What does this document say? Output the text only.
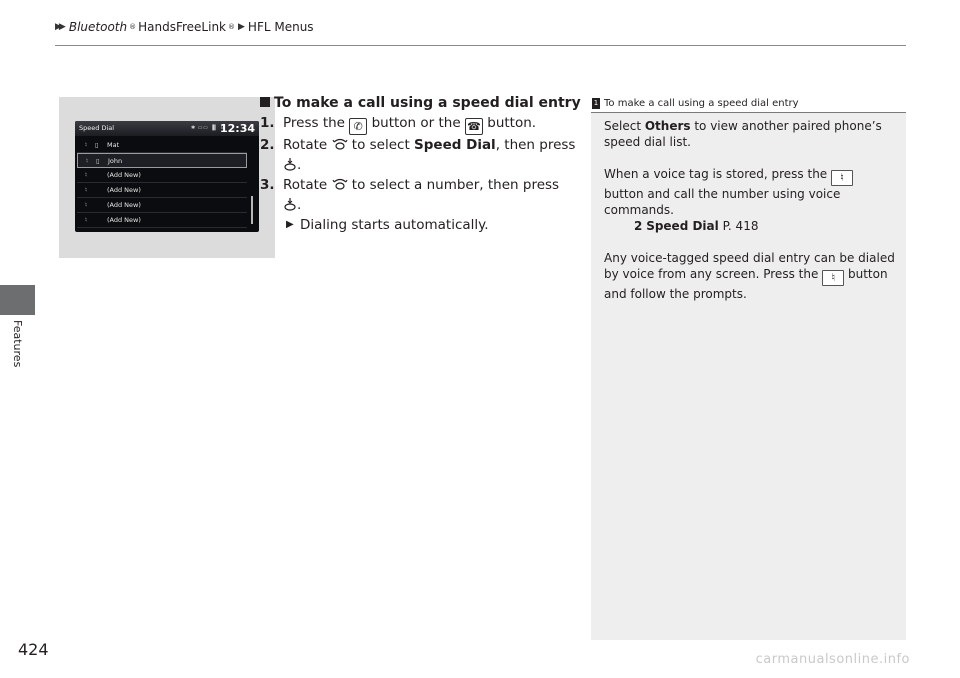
▶▶ Bluetooth ® HandsFreeLink ® ▶ HFL Menus
Features
Speed Dial	✱ ▭▭ ▐▎ ⊞
12:34
♮	▯	Mat
♮	▯	John
♮	(Add New)
♮	(Add New)
♮	(Add New)
♮	(Add New)
To make a call using a speed dial entry
1. Press the ✆ button or the ☎ button.
2. Rotate  to select Speed Dial, then press
.
3. Rotate  to select a number, then press
.
▶ Dialing starts automatically.
1 To make a call using a speed dial entry

Select Others to view another paired phone’s speed dial list.

When a voice tag is stored, press the ♮ button and call the number using voice commands.

2 Speed Dial P. 418

Any voice-tagged speed dial entry can be dialed by voice from any screen. Press the ♮ button and follow the prompts.

424
carmanualsonline.info
